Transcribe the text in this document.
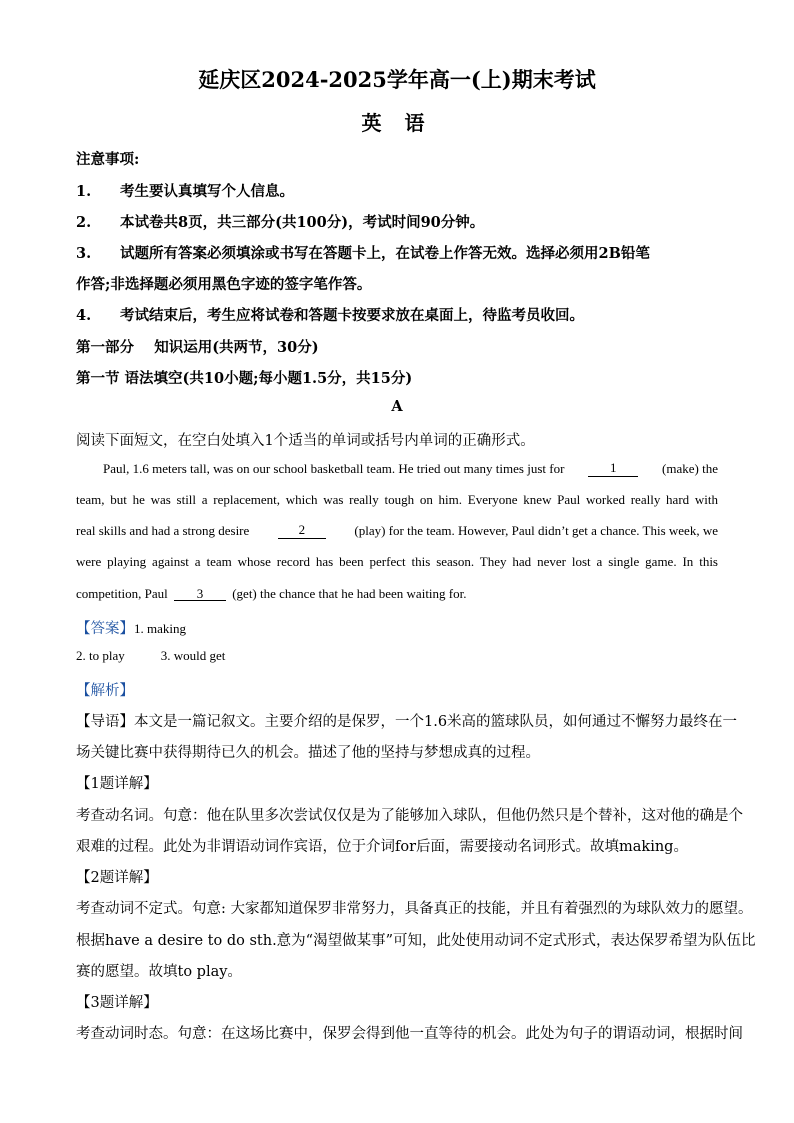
延庆区2024-2025学年高一(上)期末考试
英 语
注意事项:
1. 考生要认真填写个人信息。
2. 本试卷共8页，共三部分(共100分)，考试时间90分钟。
3. 试题所有答案必须填涂或书写在答题卡上，在试卷上作答无效。选择必须用2B铅笔
作答;非选择题必须用黑色字迹的签字笔作答。
4. 考试结束后，考生应将试卷和答题卡按要求放在桌面上，待监考员收回。
第一部分    知识运用(共两节，30分)
第一节 语法填空(共10小题;每小题1.5分，共15分)
A
阅读下面短文，在空白处填入1个适当的单词或括号内单词的正确形式。
Paul, 1.6 meters tall, was on our school basketball team. He tried out many times just for	1	(make) the
team, but he was still a replacement, which was really tough on him. Everyone knew Paul worked really hard with
real skills and had a strong desire	2	(play) for the team. However, Paul didn’t get a chance. This week, we
were playing against a team whose record has been perfect this season. They had never lost a single game. In this
competition, Paul 3 (get) the chance that he had been waiting for.
【答案】1. making
2. to play	3. would get
【解析】
【导语】本文是一篇记叙文。主要介绍的是保罗，一个1.6米高的篮球队员，如何通过不懈努力最终在一
场关键比赛中获得期待已久的机会。描述了他的坚持与梦想成真的过程。
【1题详解】
考查动名词。句意：他在队里多次尝试仅仅是为了能够加入球队，但他仍然只是个替补，这对他的确是个
艰难的过程。此处为非谓语动词作宾语，位于介词for后面，需要接动名词形式。故填making。
【2题详解】
考查动词不定式。句意: 大家都知道保罗非常努力，具备真正的技能，并且有着强烈的为球队效力的愿望。
根据have a desire to do sth.意为“渴望做某事”可知，此处使用动词不定式形式，表达保罗希望为队伍比
赛的愿望。故填to play。
【3题详解】
考查动词时态。句意：在这场比赛中，保罗会得到他一直等待的机会。此处为句子的谓语动词，根据时间
